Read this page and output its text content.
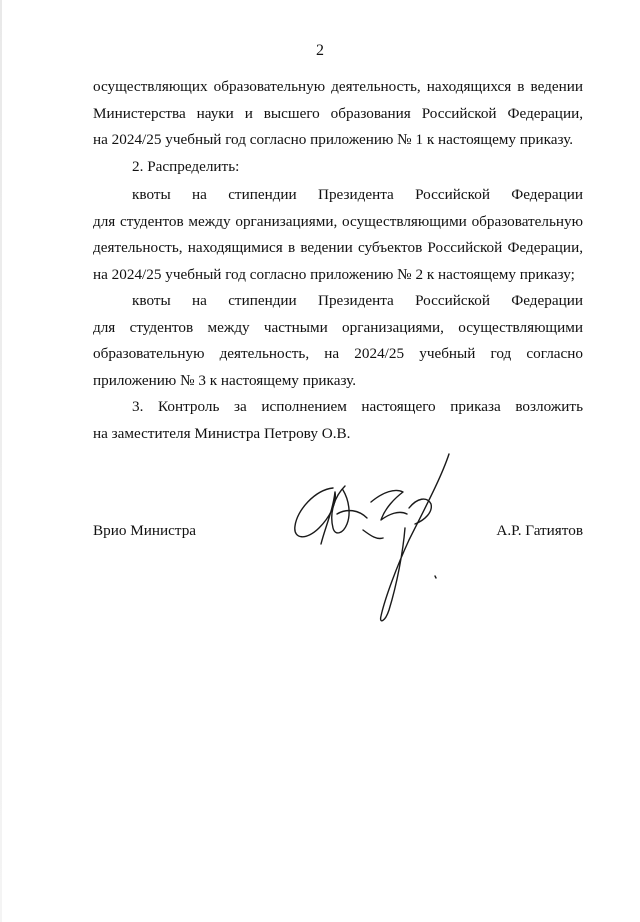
2
осуществляющих образовательную деятельность, находящихся в ведении
Министерства науки и высшего образования Российской Федерации,
на 2024/25 учебный год согласно приложению № 1 к настоящему приказу.
2. Распределить:
квоты на стипендии Президента Российской Федерации
для студентов между организациями, осуществляющими образовательную
деятельность, находящимися в ведении субъектов Российской Федерации,
на 2024/25 учебный год согласно приложению № 2 к настоящему приказу;
квоты на стипендии Президента Российской Федерации
для студентов между частными организациями, осуществляющими
образовательную деятельность, на 2024/25 учебный год согласно
приложению № 3 к настоящему приказу.
3. Контроль за исполнением настоящего приказа возложить
на заместителя Министра Петрову О.В.
Врио Министра	А.Р. Гатиятов
